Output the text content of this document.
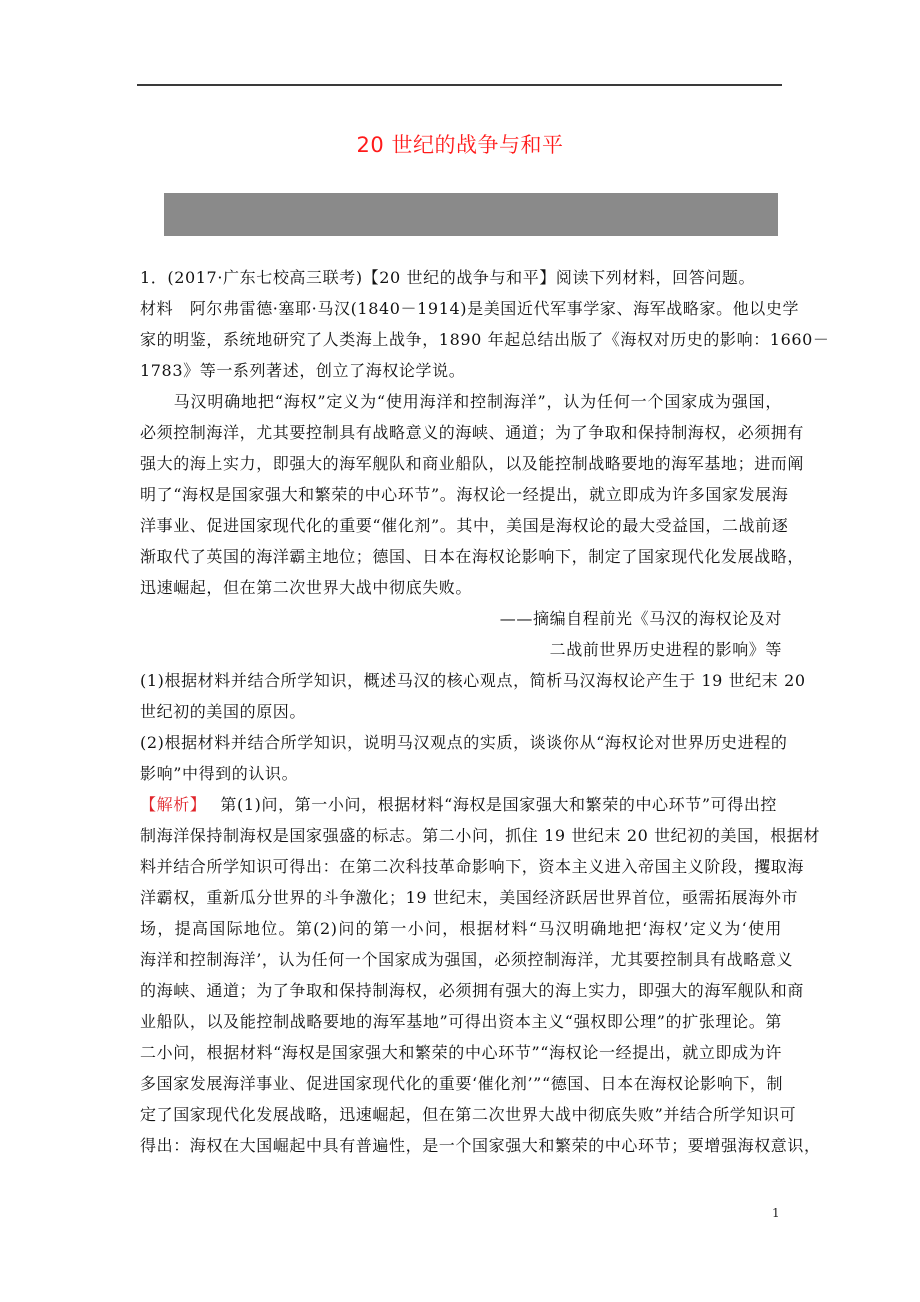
20 世纪的战争与和平
1．(2017·广东七校高三联考)【20 世纪的战争与和平】阅读下列材料，回答问题。
材料　阿尔弗雷德·塞耶·马汉(1840－1914)是美国近代军事学家、海军战略家。他以史学
家的明鉴，系统地研究了人类海上战争，1890 年起总结出版了《海权对历史的影响：1660－
1783》等一系列著述，创立了海权论学说。
　　马汉明确地把“海权”定义为“使用海洋和控制海洋”，认为任何一个国家成为强国，
必须控制海洋，尤其要控制具有战略意义的海峡、通道；为了争取和保持制海权，必须拥有
强大的海上实力，即强大的海军舰队和商业船队，以及能控制战略要地的海军基地；进而阐
明了“海权是国家强大和繁荣的中心环节”。海权论一经提出，就立即成为许多国家发展海
洋事业、促进国家现代化的重要“催化剂”。其中，美国是海权论的最大受益国，二战前逐
渐取代了英国的海洋霸主地位；德国、日本在海权论影响下，制定了国家现代化发展战略，
迅速崛起，但在第二次世界大战中彻底失败。
——摘编自程前光《马汉的海权论及对
二战前世界历史进程的影响》等
(1)根据材料并结合所学知识，概述马汉的核心观点，简析马汉海权论产生于 19 世纪末 20
世纪初的美国的原因。
(2)根据材料并结合所学知识，说明马汉观点的实质，谈谈你从“海权论对世界历史进程的
影响”中得到的认识。
【解析】 第(1)问，第一小问，根据材料“海权是国家强大和繁荣的中心环节”可得出控
制海洋保持制海权是国家强盛的标志。第二小问，抓住 19 世纪末 20 世纪初的美国，根据材
料并结合所学知识可得出：在第二次科技革命影响下，资本主义进入帝国主义阶段，攫取海
洋霸权，重新瓜分世界的斗争激化；19 世纪末，美国经济跃居世界首位，亟需拓展海外市
场，提高国际地位。第(2)问的第一小问，根据材料“马汉明确地把‘海权’定义为‘使用
海洋和控制海洋’，认为任何一个国家成为强国，必须控制海洋，尤其要控制具有战略意义
的海峡、通道；为了争取和保持制海权，必须拥有强大的海上实力，即强大的海军舰队和商
业船队，以及能控制战略要地的海军基地”可得出资本主义“强权即公理”的扩张理论。第
二小问，根据材料“海权是国家强大和繁荣的中心环节”“海权论一经提出，就立即成为许
多国家发展海洋事业、促进国家现代化的重要‘催化剂’”“德国、日本在海权论影响下，制
定了国家现代化发展战略，迅速崛起，但在第二次世界大战中彻底失败”并结合所学知识可
得出：海权在大国崛起中具有普遍性，是一个国家强大和繁荣的中心环节；要增强海权意识，
1
